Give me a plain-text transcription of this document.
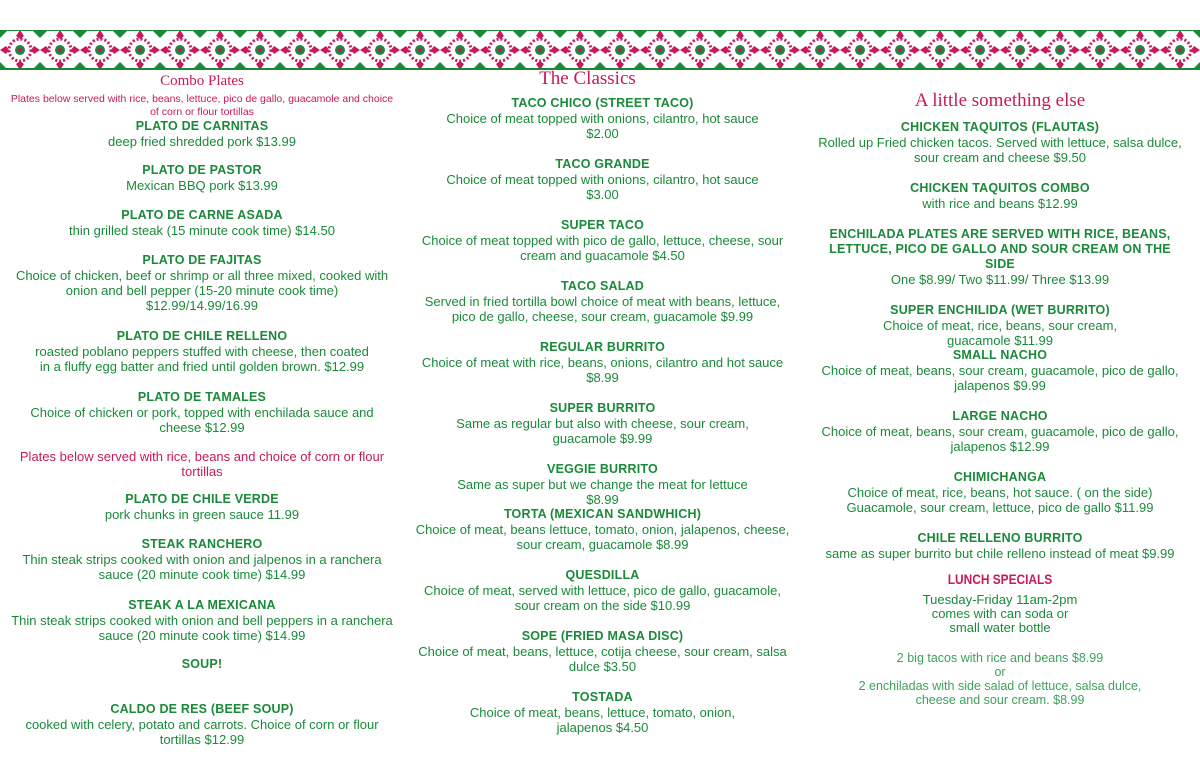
Combo Plates
Plates below served with rice, beans, lettuce, pico de gallo, guacamole and choice of corn or flour tortillas
PLATO DE CARNITAS
deep fried shredded pork $13.99
PLATO DE PASTOR
Mexican BBQ pork $13.99
PLATO DE CARNE ASADA
thin grilled steak (15 minute cook time) $14.50
PLATO DE FAJITAS
Choice of chicken, beef or shrimp or all three mixed, cooked with onion and bell pepper (15-20 minute cook time) $12.99/14.99/16.99
PLATO DE CHILE RELLENO
roasted poblano peppers stuffed with cheese, then coated in a fluffy egg batter and fried until golden brown. $12.99
PLATO DE TAMALES
Choice of chicken or pork, topped with enchilada sauce and cheese $12.99
Plates below served with rice, beans and choice of corn or flour tortillas
PLATO DE CHILE VERDE
pork chunks in green sauce 11.99
STEAK RANCHERO
Thin steak strips cooked with onion and jalpenos in a ranchera sauce (20 minute cook time) $14.99
STEAK A LA MEXICANA
Thin steak strips cooked with onion and bell peppers in a ranchera sauce (20 minute cook time) $14.99
SOUP!
CALDO DE RES (BEEF SOUP)
cooked with celery, potato and carrots. Choice of corn or flour tortillas $12.99
The Classics
TACO CHICO (STREET TACO)
Choice of meat topped with onions, cilantro, hot sauce $2.00
TACO GRANDE
Choice of meat topped with onions, cilantro, hot sauce $3.00
SUPER TACO
Choice of meat topped with pico de gallo, lettuce, cheese, sour cream and guacamole $4.50
TACO SALAD
Served in fried tortilla bowl choice of meat with beans, lettuce, pico de gallo, cheese, sour cream, guacamole $9.99
REGULAR BURRITO
Choice of meat with rice, beans, onions, cilantro and hot sauce $8.99
SUPER BURRITO
Same as regular but also with cheese, sour cream, guacamole $9.99
VEGGIE BURRITO
Same as super but we change the meat for lettuce $8.99
TORTA (MEXICAN SANDWHICH)
Choice of meat, beans lettuce, tomato, onion, jalapenos, cheese, sour cream, guacamole $8.99
QUESDILLA
Choice of meat, served with lettuce, pico de gallo, guacamole, sour cream on the side $10.99
SOPE (FRIED MASA DISC)
Choice of meat, beans, lettuce, cotija cheese, sour cream, salsa dulce $3.50
TOSTADA
Choice of meat, beans, lettuce, tomato, onion, jalapenos $4.50
A little something else
CHICKEN TAQUITOS (FLAUTAS)
Rolled up Fried chicken tacos. Served with lettuce, salsa dulce, sour cream and cheese $9.50
CHICKEN TAQUITOS COMBO
with rice and beans $12.99
ENCHILADA PLATES ARE SERVED WITH RICE, BEANS, LETTUCE, PICO DE GALLO AND SOUR CREAM ON THE SIDE
One $8.99/ Two $11.99/ Three $13.99
SUPER ENCHILIDA (WET BURRITO)
Choice of meat, rice, beans, sour cream, guacamole $11.99
SMALL NACHO
Choice of meat, beans, sour cream, guacamole, pico de gallo, jalapenos $9.99
LARGE NACHO
Choice of meat, beans, sour cream, guacamole, pico de gallo, jalapenos $12.99
CHIMICHANGA
Choice of meat, rice, beans, hot sauce. ( on the side) Guacamole, sour cream, lettuce, pico de gallo $11.99
CHILE RELLENO BURRITO
same as super burrito but chile relleno instead of meat $9.99
LUNCH SPECIALS
Tuesday-Friday 11am-2pm
comes with can soda or small water bottle
2 big tacos with rice and beans $8.99
or
2 enchiladas with side salad of lettuce, salsa dulce, cheese and sour cream. $8.99
